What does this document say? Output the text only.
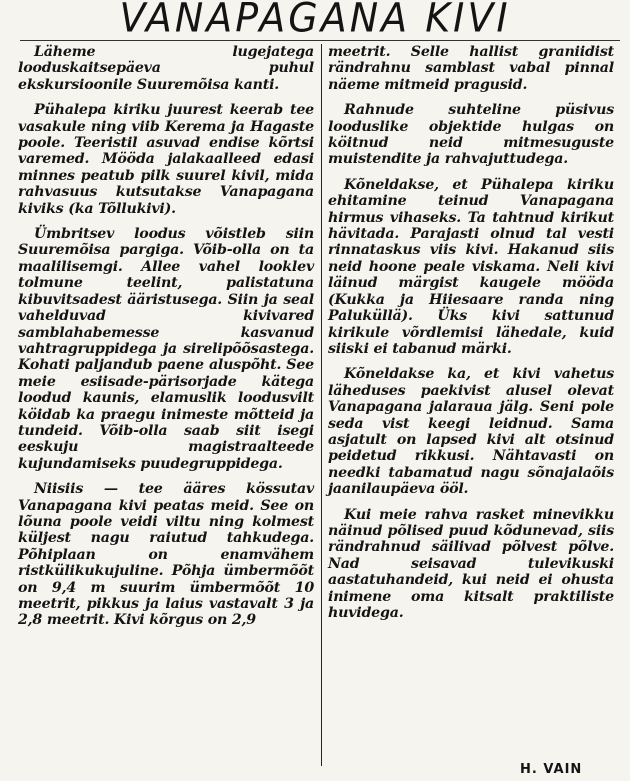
VANAPAGANA KIVI

Läheme lugejatega looduskaitsepäeva puhul ekskursioonile Suuremõisa kanti.

Pühalepa kiriku juurest keerab tee vasakule ning viib Kerema ja Hagaste poole. Teeristil asuvad endise kõrtsi varemed. Mööda jalakaalleed edasi minnes peatub pilk suurel kivil, mida rahvasuus kutsutakse Vanapagana kiviks (ka Tõllukivi).

Ümbritsev loodus võistleb siin Suuremõisa pargiga. Võib-olla on ta maalilisemgi. Allee vahel looklev tolmune teelint, palistatuna kibuvitsadest ääristusega. Siin ja seal vahelduvad kivivared samblahabemesse kasvanud vahtragruppidega ja sirelipõõsastega. Kohati paljandub paene aluspõht. See meie esiisade-pärisorjade kätega loodud kaunis, elamuslik loodusvilt köidab ka praegu inimeste mõtteid ja tundeid. Võib-olla saab siit isegi eeskuju magistraalteede kujundamiseks puudegruppidega.

Niisiis — tee ääres kössutav Vanapagana kivi peatas meid. See on lõuna poole veidi viltu ning kolmest küljest nagu raiutud tahkudega. Põhiplaan on enamvähem ristkülikukujuline. Põhja ümbermõõt on 9,4 m suurim ümbermõõt 10 meetrit, pikkus ja laius vastavalt 3 ja 2,8 meetrit. Kivi kõrgus on 2,9

meetrit. Selle hallist graniidist rändrahnu samblast vabal pinnal näeme mitmeid pragusid.

Rahnude suhteline püsivus looduslike objektide hulgas on köitnud neid mitmesuguste muistendite ja rahvajuttudega.

Kõneldakse, et Pühalepa kiriku ehitamine teinud Vanapagana hirmus vihaseks. Ta tahtnud kirikut hävitada. Parajasti olnud tal vesti rinnataskus viis kivi. Hakanud siis neid hoone peale viskama. Neli kivi läinud märgist kaugele mööda (Kukka ja Hiiesaare randa ning Paluküllä). Üks kivi sattunud kirikule võrdlemisi lähedale, kuid siiski ei tabanud märki.

Kõneldakse ka, et kivi vahetus läheduses paekivist alusel olevat Vanapagana jalaraua jälg. Seni pole seda vist keegi leidnud. Sama asjatult on lapsed kivi alt otsinud peidetud rikkusi. Nähtavasti on needki tabamatud nagu sõnajalaõis jaanilaupäeva ööl.

Kui meie rahva rasket minevikku näinud põlised puud kõdunevad, siis rändrahnud säilivad põlvest põlve. Nad seisavad tulevikuski aastatuhandeid, kui neid ei ohusta inimene oma kitsalt praktiliste huvidega.

H. VAIN
